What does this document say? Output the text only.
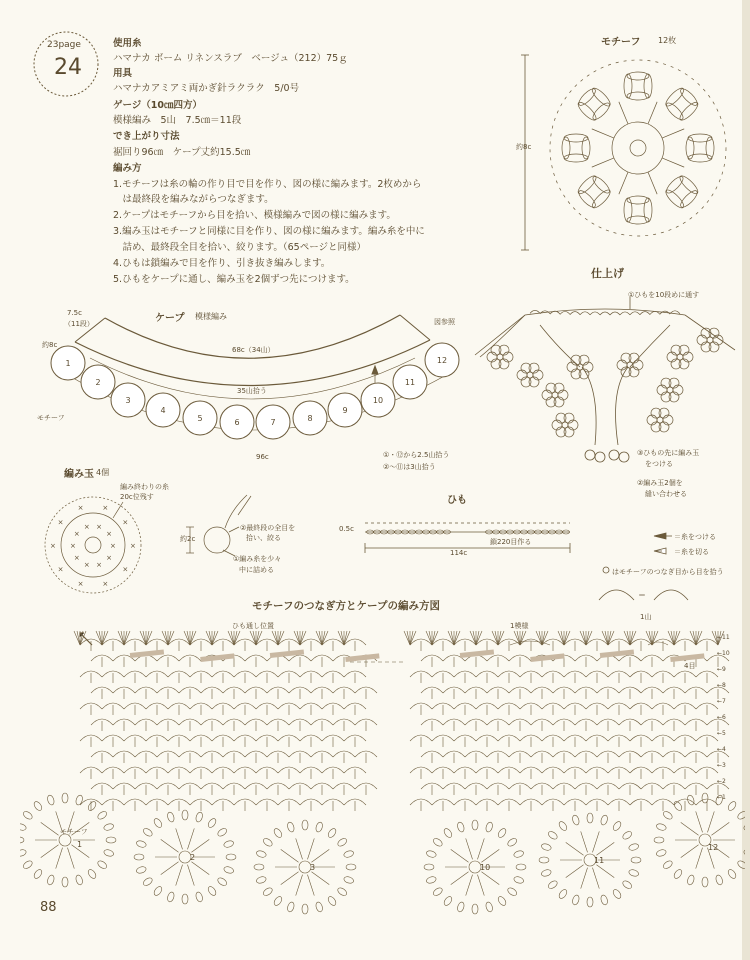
23page
24
使用糸
ハマナカ ボーム リネンスラブ　ベージュ（212）75ｇ
用具
ハマナカアミアミ両かぎ針ラクラク　5/0号
ゲージ（10㎝四方）
模様編み　5山　7.5㎝＝11段
でき上がり寸法
裾回り96㎝　ケープ丈約15.5㎝
編み方
1.モチーフは糸の輪の作り目で目を作り、図の様に編みます。2枚めから
　は最終段を編みながらつなぎます。
2.ケープはモチーフから目を拾い、模様編みで図の様に編みます。
3.編み玉はモチーフと同様に目を作り、図の様に編みます。編み糸を中に
　詰め、最終段全目を拾い、絞ります。（65ページと同様）
4.ひもは鎖編みで目を作り、引き抜き編みします。
5.ひもをケープに通し、編み玉を2個ずつ先につけます。
モチーフ 12枚
約8c
仕上げ
①ひもを10段めに通す
③ひもの先に編み玉
をつける
②編み玉2個を
縫い合わせる
ケープ 模様編み
図参照
7.5c
（11段）
約8c
モチーフ
68c（34山）
35山拾う
96c	①・⑫から2.5山拾う
②～⑪は3山拾う
1
2
3
4
5	6	7	8
9
10
11
12
編み玉 4個
編み終わりの糸
20c位残す
約2c
②最終段の全目を
拾い、絞る
①編み糸を少々
中に詰める
×
×
×
×
×
×
×
×
×
×
× ×
×
×
×
×
×
×
×
×
ひも
0.5c
鎖220目作る
114c
＝糸をつける
＝糸を切る
はモチーフのつなぎ目から目を拾う
＝
モチーフのつなぎ方とケープの編み方図
ひも通し位置	1模様
1山
4目
モチーフ
←11
←10
←9
←8
←7
←6
←5
←4
←3
←2
←1
1
2
3	10
11
12
88
